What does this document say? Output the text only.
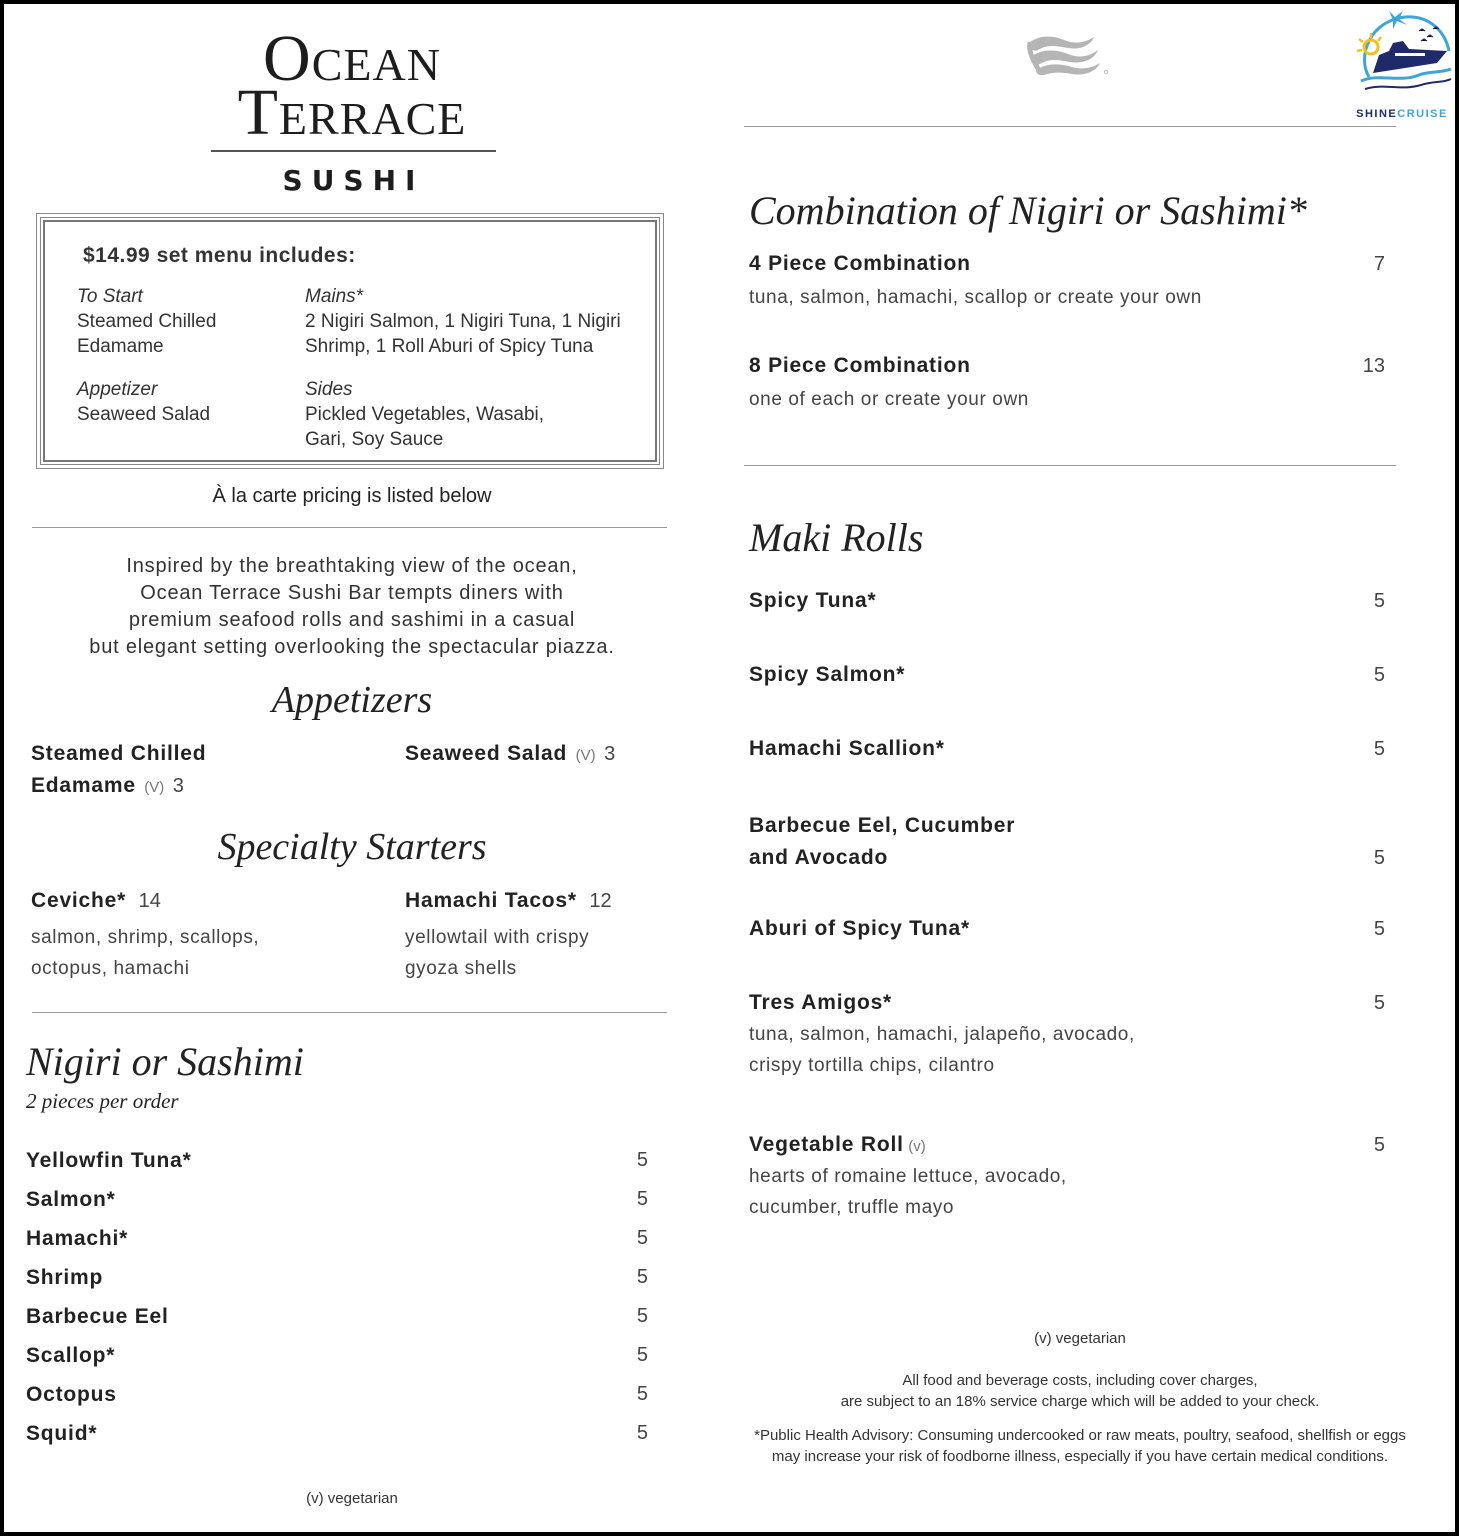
Ocean
Terrace
SUSHI
SHINECRUISE
$14.99 set menu includes:
To Start
Steamed Chilled
Edamame
Mains*
2 Nigiri Salmon, 1 Nigiri Tuna, 1 Nigiri
Shrimp, 1 Roll Aburi of Spicy Tuna
Appetizer
Seaweed Salad
Sides
Pickled Vegetables, Wasabi,
Gari, Soy Sauce
À la carte pricing is listed below
Inspired by the breathtaking view of the ocean,
Ocean Terrace Sushi Bar tempts diners with
premium seafood rolls and sashimi in a casual
but elegant setting overlooking the spectacular piazza.
Appetizers
Steamed Chilled
Edamame (V) 3
Seaweed Salad (V) 3
Specialty Starters
Ceviche* 14
salmon, shrimp, scallops,
octopus, hamachi
Hamachi Tacos* 12
yellowtail with crispy
gyoza shells
Nigiri or Sashimi
2 pieces per order
Yellowfin Tuna*	5
Salmon*	5
Hamachi*	5
Shrimp	5
Barbecue Eel	5
Scallop*	5
Octopus	5
Squid*	5
(v) vegetarian
Combination of Nigiri or Sashimi*
4 Piece Combination	7
tuna, salmon, hamachi, scallop or create your own
8 Piece Combination	13
one of each or create your own
Maki Rolls
Spicy Tuna*	5
Spicy Salmon*	5
Hamachi Scallion*	5
Barbecue Eel, Cucumber
and Avocado	5
Aburi of Spicy Tuna*	5
Tres Amigos*	5
tuna, salmon, hamachi, jalapeño, avocado,
crispy tortilla chips, cilantro
Vegetable Roll (v)	5
hearts of romaine lettuce, avocado,
cucumber, truffle mayo
(v) vegetarian
All food and beverage costs, including cover charges,
are subject to an 18% service charge which will be added to your check.
*Public Health Advisory: Consuming undercooked or raw meats, poultry, seafood, shellfish or eggs
may increase your risk of foodborne illness, especially if you have certain medical conditions.
